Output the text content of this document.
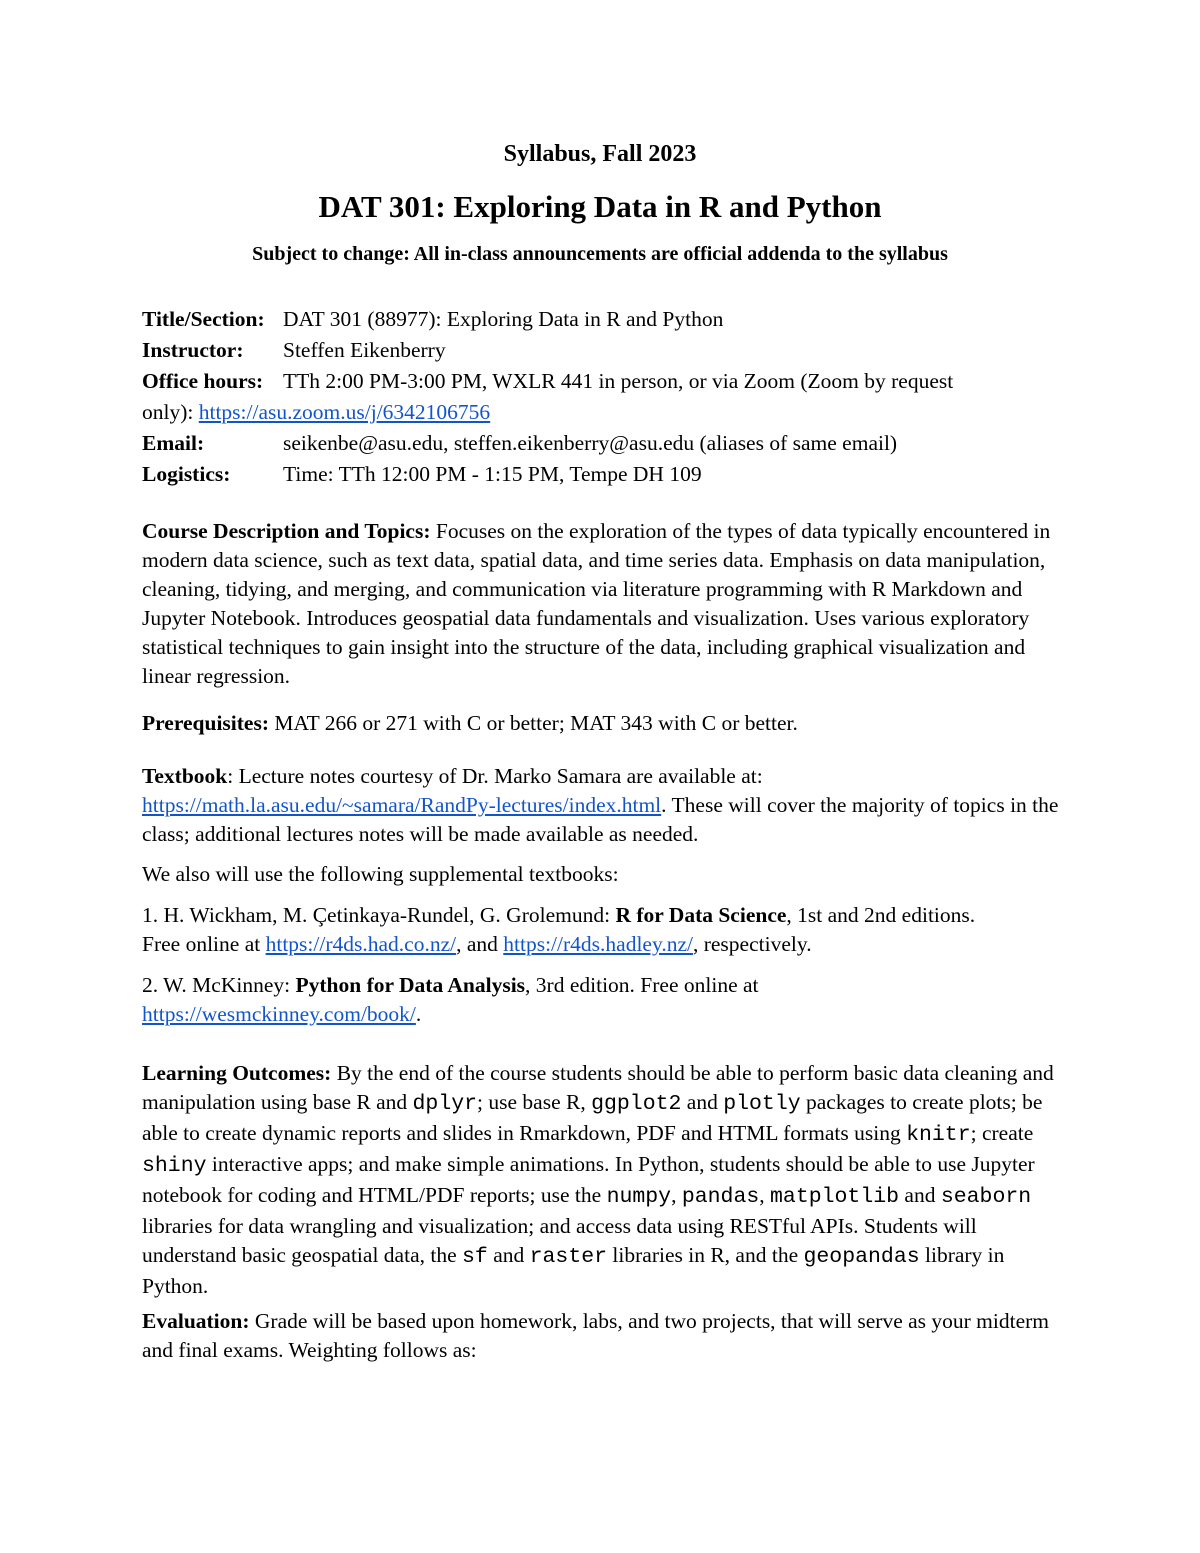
Syllabus, Fall 2023
DAT 301: Exploring Data in R and Python
Subject to change: All in-class announcements are official addenda to the syllabus
Title/Section: DAT 301 (88977): Exploring Data in R and Python
Instructor: Steffen Eikenberry
Office hours: TTh 2:00 PM-3:00 PM, WXLR 441 in person, or via Zoom (Zoom by request
only): https://asu.zoom.us/j/6342106756
Email:	seikenbe@asu.edu, steffen.eikenberry@asu.edu (aliases of same email)
Logistics: Time: TTh 12:00 PM - 1:15 PM, Tempe DH 109

Course Description and Topics: Focuses on the exploration of the types of data typically encountered in modern data science, such as text data, spatial data, and time series data. Emphasis on data manipulation, cleaning, tidying, and merging, and communication via literature programming with R Markdown and Jupyter Notebook. Introduces geospatial data fundamentals and visualization. Uses various exploratory statistical techniques to gain insight into the structure of the data, including graphical visualization and linear regression.

Prerequisites: MAT 266 or 271 with C or better; MAT 343 with C or better.

Textbook: Lecture notes courtesy of Dr. Marko Samara are available at: https://math.la.asu.edu/~samara/RandPy-lectures/index.html. These will cover the majority of topics in the class; additional lectures notes will be made available as needed.

We also will use the following supplemental textbooks:

1. H. Wickham, M. Çetinkaya-Rundel, G. Grolemund: R for Data Science, 1st and 2nd editions.
Free online at https://r4ds.had.co.nz/, and https://r4ds.hadley.nz/, respectively.

2. W. McKinney: Python for Data Analysis, 3rd edition. Free online at
https://wesmckinney.com/book/.

Learning Outcomes: By the end of the course students should be able to perform basic data cleaning and manipulation using base R and dplyr; use base R, ggplot2 and plotly packages to create plots; be able to create dynamic reports and slides in Rmarkdown, PDF and HTML formats using knitr; create shiny interactive apps; and make simple animations. In Python, students should be able to use Jupyter notebook for coding and HTML/PDF reports; use the numpy, pandas, matplotlib and seaborn libraries for data wrangling and visualization; and access data using RESTful APIs. Students will understand basic geospatial data, the sf and raster libraries in R, and the geopandas library in Python.

Evaluation: Grade will be based upon homework, labs, and two projects, that will serve as your midterm and final exams. Weighting follows as:
